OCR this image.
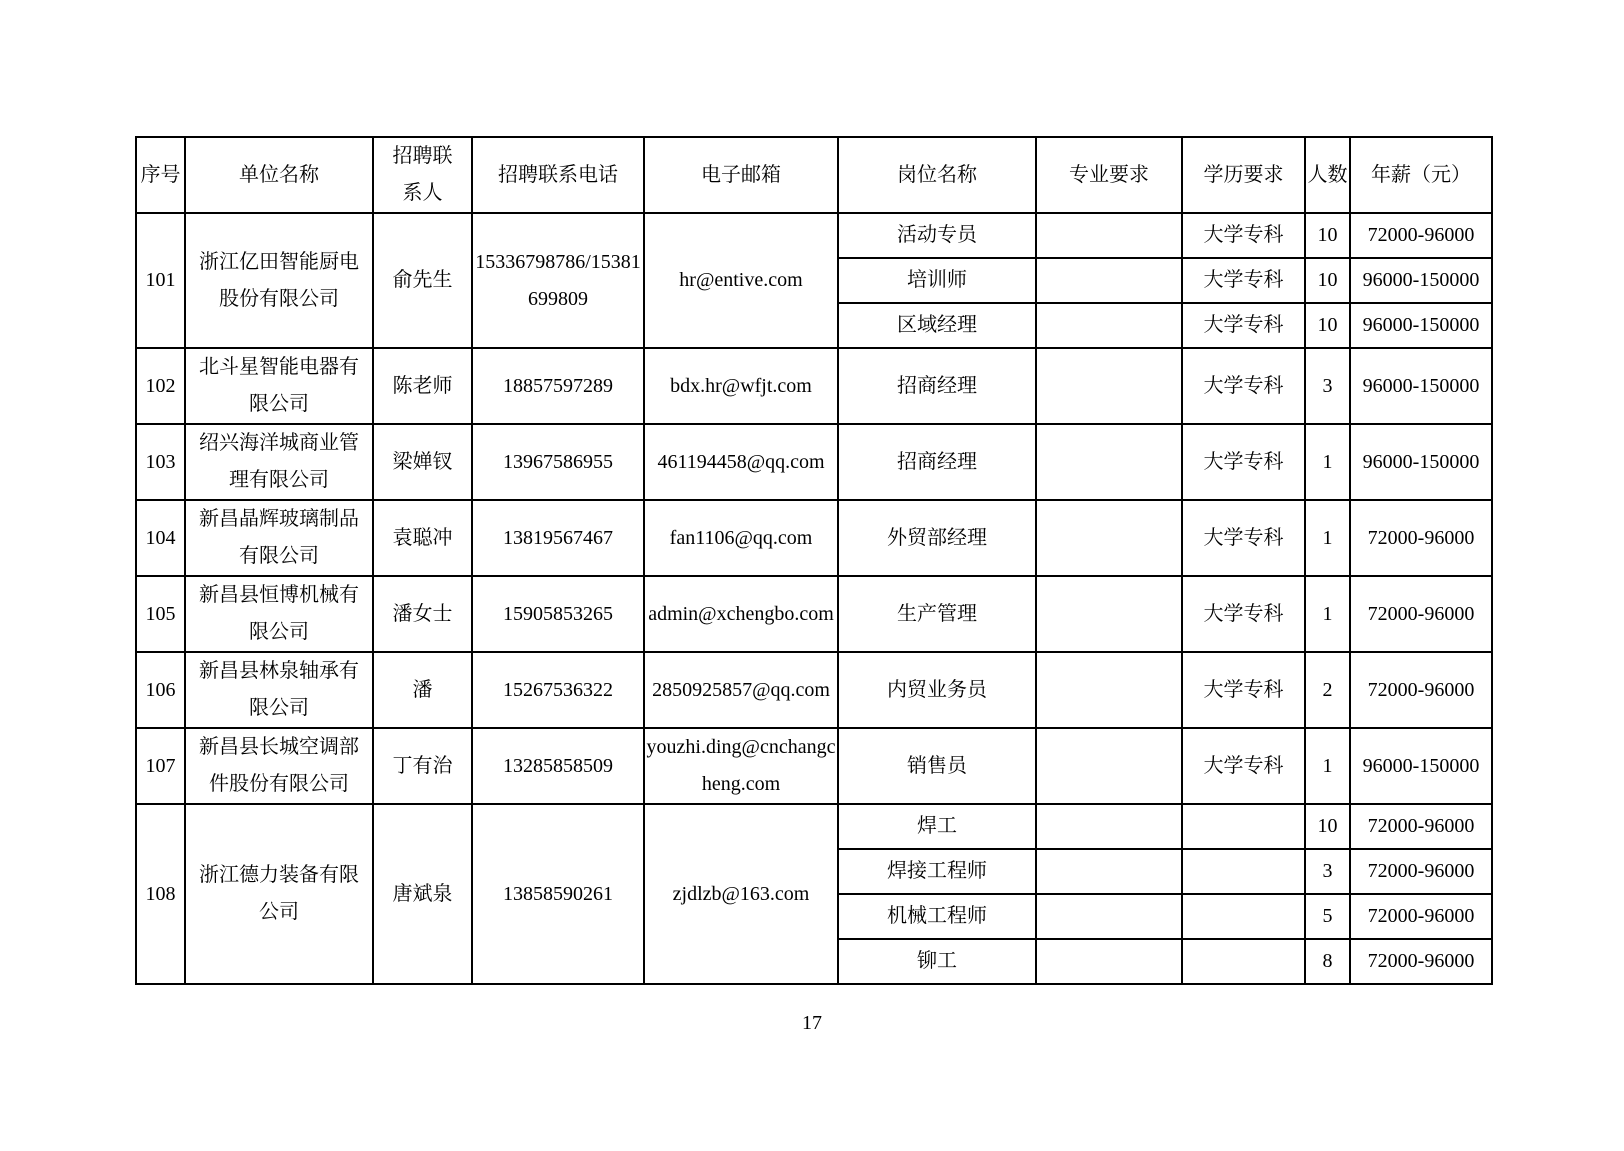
序号	单位名称	招聘联系人	招聘联系电话	电子邮箱	岗位名称	专业要求	学历要求	人数	年薪（元）
101	浙江亿田智能厨电股份有限公司	俞先生	15336798786/15381699809	hr@entive.com	活动专员		大学专科	10	72000-96000
					培训师		大学专科	10	96000-150000
					区域经理		大学专科	10	96000-150000
102	北斗星智能电器有限公司	陈老师	18857597289	bdx.hr@wfjt.com	招商经理		大学专科	3	96000-150000
103	绍兴海洋城商业管理有限公司	梁婵钗	13967586955	461194458@qq.com	招商经理		大学专科	1	96000-150000
104	新昌晶辉玻璃制品有限公司	袁聪冲	13819567467	fan1106@qq.com	外贸部经理		大学专科	1	72000-96000
105	新昌县恒博机械有限公司	潘女士	15905853265	admin@xchengbo.com	生产管理		大学专科	1	72000-96000
106	新昌县林泉轴承有限公司	潘	15267536322	2850925857@qq.com	内贸业务员		大学专科	2	72000-96000
107	新昌县长城空调部件股份有限公司	丁有治	13285858509	youzhi.ding@cnchangcheng.com	销售员		大学专科	1	96000-150000
108	浙江德力装备有限公司	唐斌泉	13858590261	zjdlzb@163.com	焊工			10	72000-96000
					焊接工程师			3	72000-96000
					机械工程师			5	72000-96000
					铆工			8	72000-96000
17
